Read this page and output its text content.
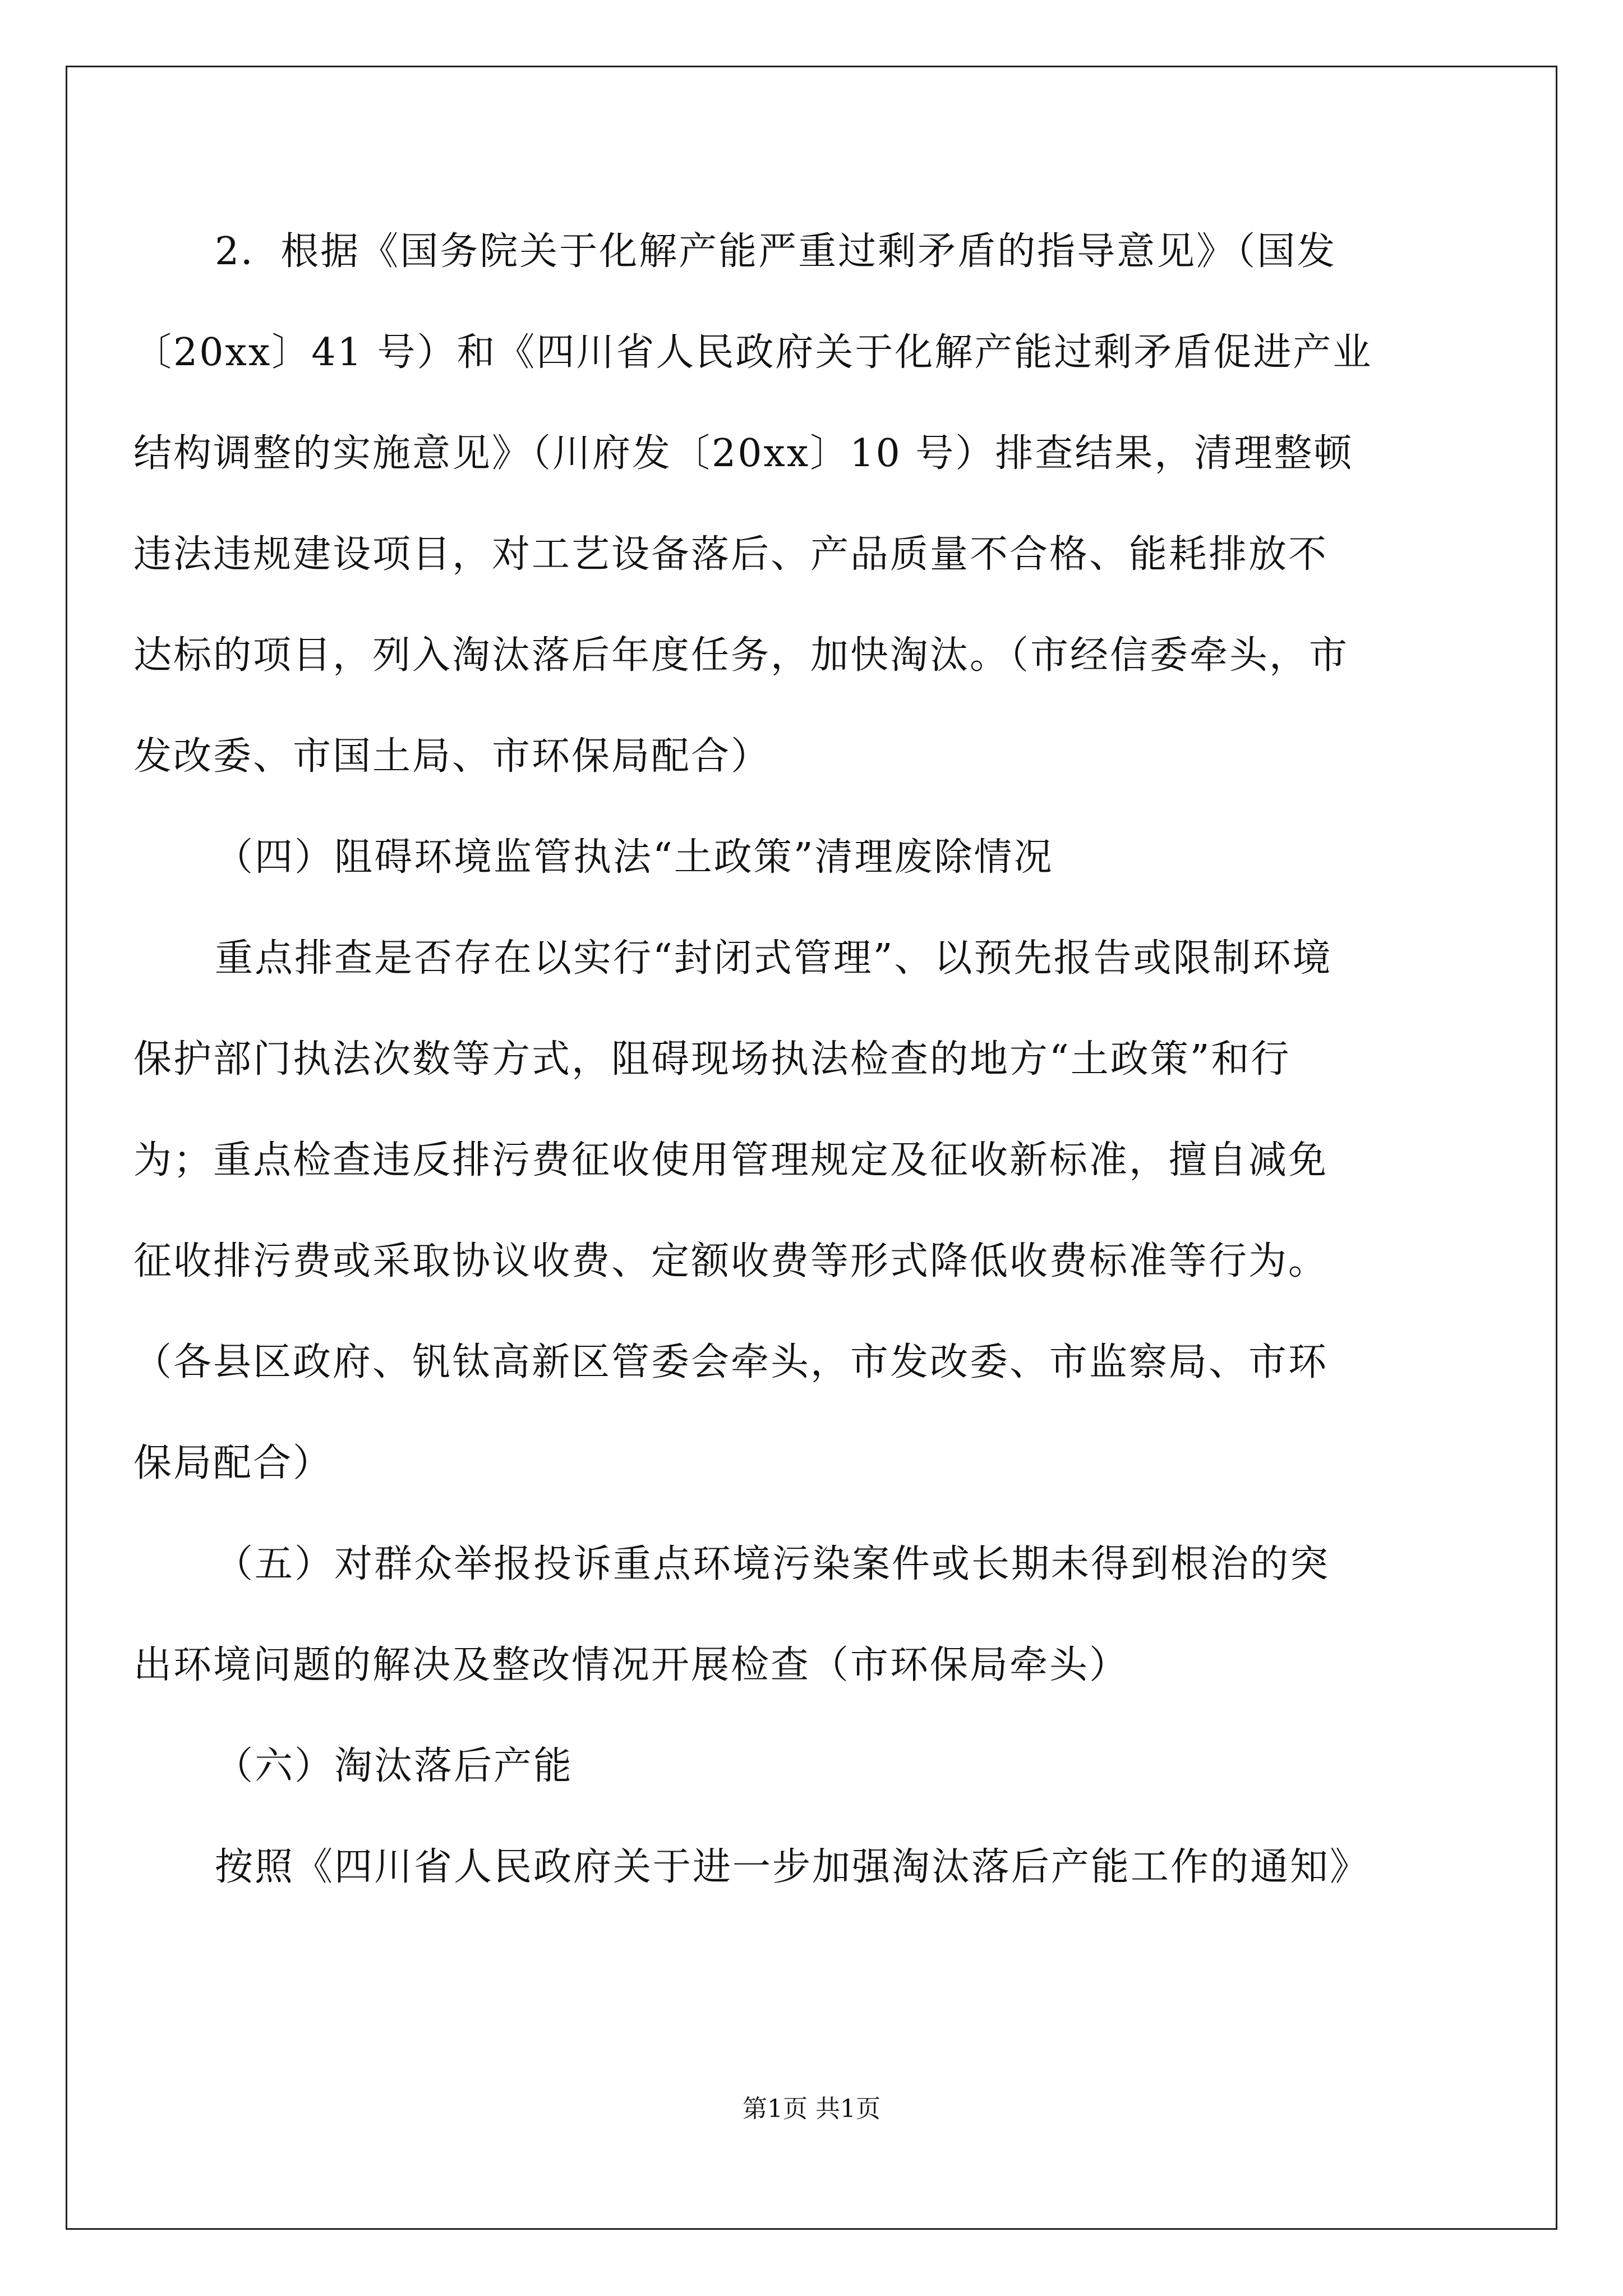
2．根据《国务院关于化解产能严重过剩矛盾的指导意见》（国发
〔20xx〕41 号）和《四川省人民政府关于化解产能过剩矛盾促进产业
结构调整的实施意见》（川府发〔20xx〕10 号）排查结果，清理整顿
违法违规建设项目，对工艺设备落后、产品质量不合格、能耗排放不
达标的项目，列入淘汰落后年度任务，加快淘汰。（市经信委牵头，市
发改委、市国土局、市环保局配合）
（四）阻碍环境监管执法“土政策”清理废除情况
重点排查是否存在以实行“封闭式管理”、以预先报告或限制环境
保护部门执法次数等方式，阻碍现场执法检查的地方“土政策”和行
为；重点检查违反排污费征收使用管理规定及征收新标准，擅自减免
征收排污费或采取协议收费、定额收费等形式降低收费标准等行为。
（各县区政府、钒钛高新区管委会牵头，市发改委、市监察局、市环
保局配合）
（五）对群众举报投诉重点环境污染案件或长期未得到根治的突
出环境问题的解决及整改情况开展检查（市环保局牵头）
（六）淘汰落后产能
按照《四川省人民政府关于进一步加强淘汰落后产能工作的通知》
第1页 共1页
